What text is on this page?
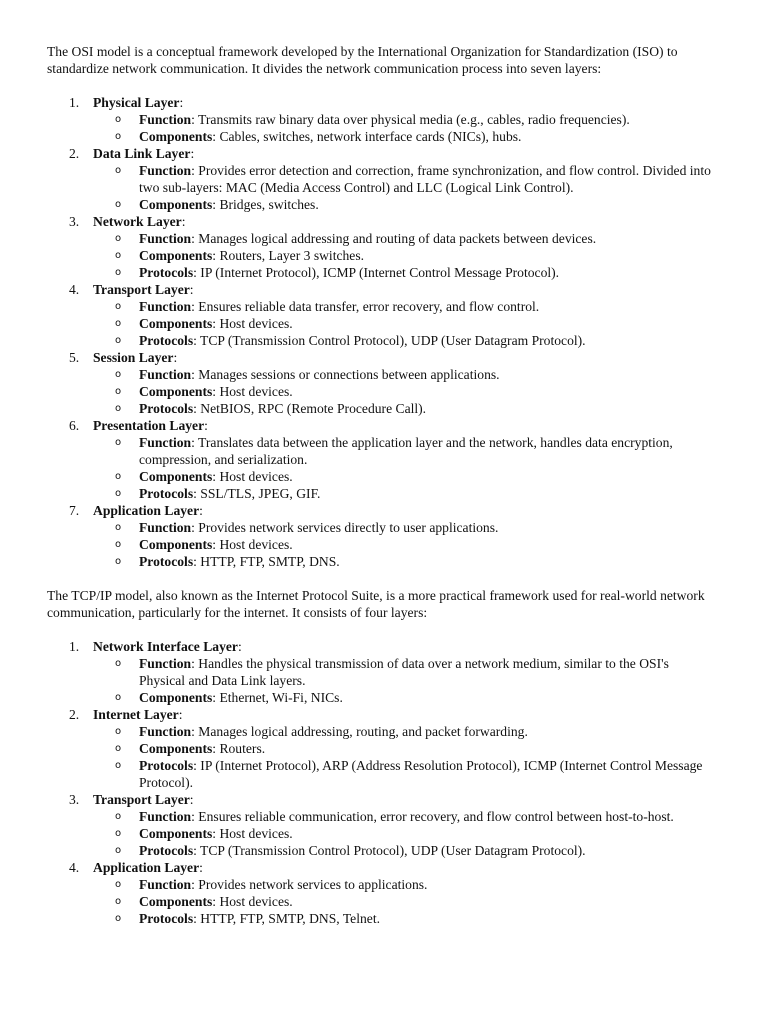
The OSI model is a conceptual framework developed by the International Organization for Standardization (ISO) to standardize network communication. It divides the network communication process into seven layers:

1. Physical Layer:
o Function: Transmits raw binary data over physical media (e.g., cables, radio frequencies).
o Components: Cables, switches, network interface cards (NICs), hubs.
2. Data Link Layer:
o Function: Provides error detection and correction, frame synchronization, and flow control. Divided into two sub-layers: MAC (Media Access Control) and LLC (Logical Link Control).
o Components: Bridges, switches.
3. Network Layer:
o Function: Manages logical addressing and routing of data packets between devices.
o Components: Routers, Layer 3 switches.
o Protocols: IP (Internet Protocol), ICMP (Internet Control Message Protocol).
4. Transport Layer:
o Function: Ensures reliable data transfer, error recovery, and flow control.
o Components: Host devices.
o Protocols: TCP (Transmission Control Protocol), UDP (User Datagram Protocol).
5. Session Layer:
o Function: Manages sessions or connections between applications.
o Components: Host devices.
o Protocols: NetBIOS, RPC (Remote Procedure Call).
6. Presentation Layer:
o Function: Translates data between the application layer and the network, handles data encryption, compression, and serialization.
o Components: Host devices.
o Protocols: SSL/TLS, JPEG, GIF.
7. Application Layer:
o Function: Provides network services directly to user applications.
o Components: Host devices.
o Protocols: HTTP, FTP, SMTP, DNS.

The TCP/IP model, also known as the Internet Protocol Suite, is a more practical framework used for real-world network communication, particularly for the internet. It consists of four layers:

1. Network Interface Layer:
o Function: Handles the physical transmission of data over a network medium, similar to the OSI's Physical and Data Link layers.
o Components: Ethernet, Wi-Fi, NICs.
2. Internet Layer:
o Function: Manages logical addressing, routing, and packet forwarding.
o Components: Routers.
o Protocols: IP (Internet Protocol), ARP (Address Resolution Protocol), ICMP (Internet Control Message Protocol).
3. Transport Layer:
o Function: Ensures reliable communication, error recovery, and flow control between host-to-host.
o Components: Host devices.
o Protocols: TCP (Transmission Control Protocol), UDP (User Datagram Protocol).
4. Application Layer:
o Function: Provides network services to applications.
o Components: Host devices.
o Protocols: HTTP, FTP, SMTP, DNS, Telnet.
